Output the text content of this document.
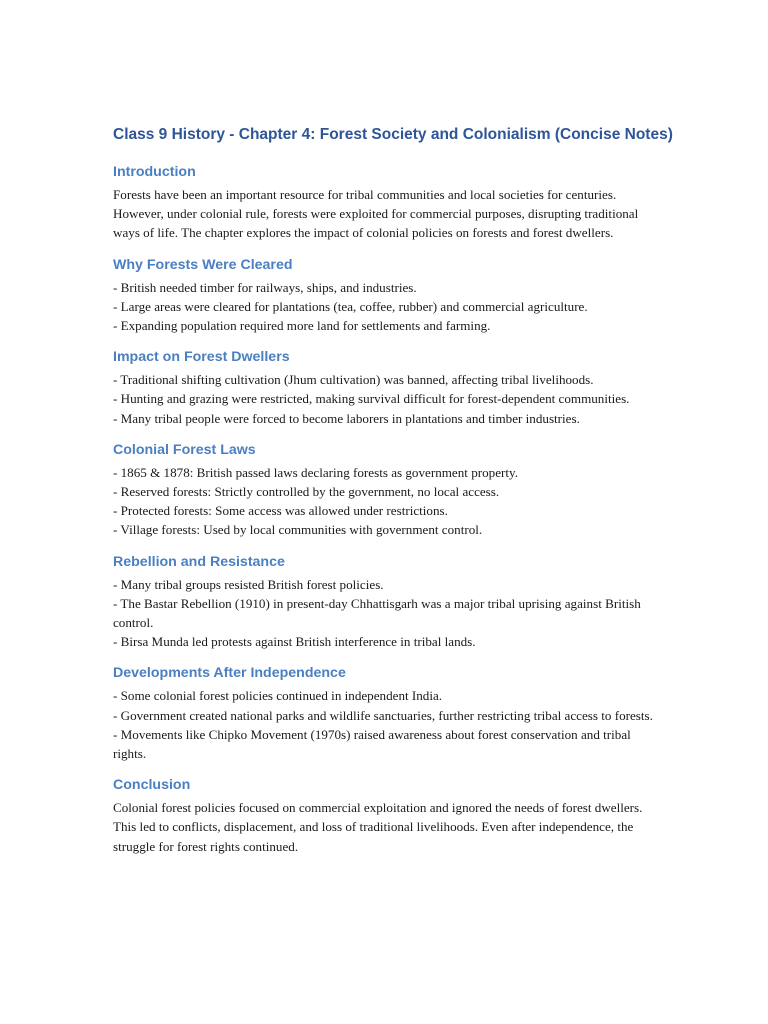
Class 9 History - Chapter 4: Forest Society and Colonialism (Concise Notes)
Introduction

Forests have been an important resource for tribal communities and local societies for centuries. However, under colonial rule, forests were exploited for commercial purposes, disrupting traditional ways of life. The chapter explores the impact of colonial policies on forests and forest dwellers.

Why Forests Were Cleared
- British needed timber for railways, ships, and industries.
- Large areas were cleared for plantations (tea, coffee, rubber) and commercial agriculture.
- Expanding population required more land for settlements and farming.
Impact on Forest Dwellers
- Traditional shifting cultivation (Jhum cultivation) was banned, affecting tribal livelihoods.
- Hunting and grazing were restricted, making survival difficult for forest-dependent communities.
- Many tribal people were forced to become laborers in plantations and timber industries.
Colonial Forest Laws
- 1865 & 1878: British passed laws declaring forests as government property.
- Reserved forests: Strictly controlled by the government, no local access.
- Protected forests: Some access was allowed under restrictions.
- Village forests: Used by local communities with government control.
Rebellion and Resistance
- Many tribal groups resisted British forest policies.
- The Bastar Rebellion (1910) in present-day Chhattisgarh was a major tribal uprising against British control.
- Birsa Munda led protests against British interference in tribal lands.
Developments After Independence
- Some colonial forest policies continued in independent India.
- Government created national parks and wildlife sanctuaries, further restricting tribal access to forests.
- Movements like Chipko Movement (1970s) raised awareness about forest conservation and tribal rights.
Conclusion

Colonial forest policies focused on commercial exploitation and ignored the needs of forest dwellers. This led to conflicts, displacement, and loss of traditional livelihoods. Even after independence, the struggle for forest rights continued.
